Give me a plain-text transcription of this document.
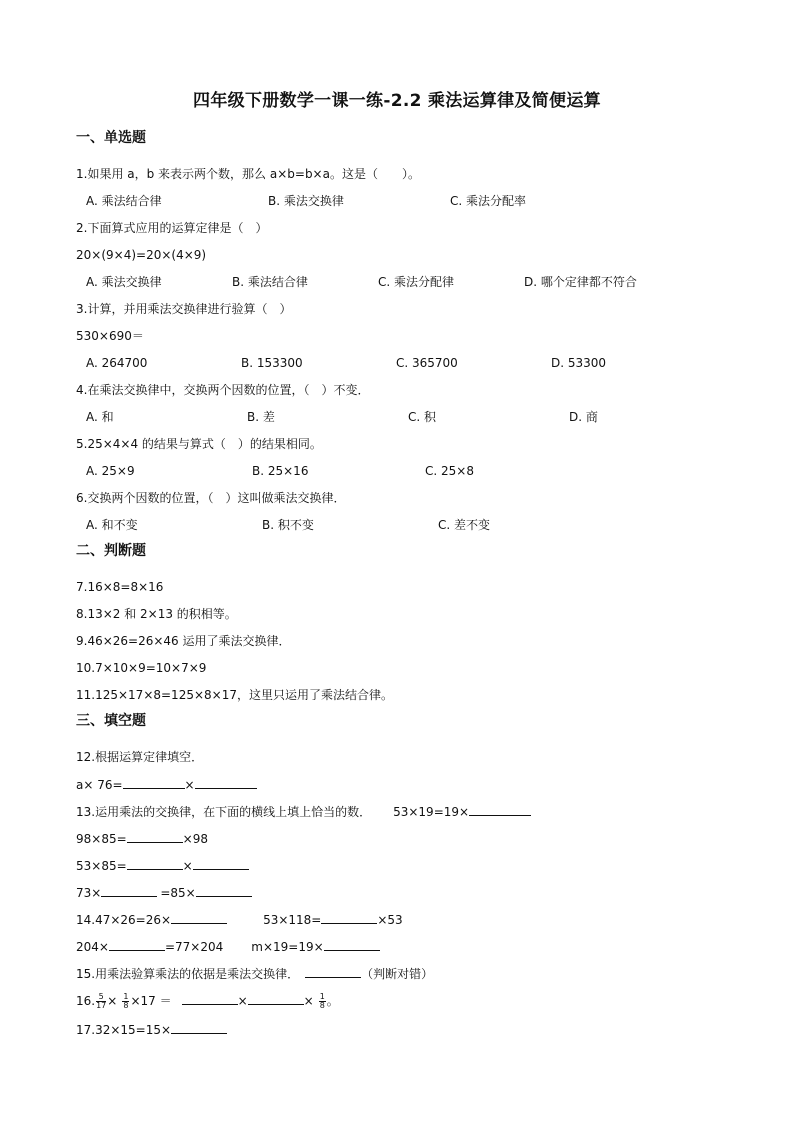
四年级下册数学一课一练-2.2 乘法运算律及简便运算
一、单选题
1.如果用 a，b 来表示两个数，那么 a×b=b×a。这是（　　）。
A. 乘法结合律	B. 乘法交换律	C. 乘法分配率
2.下面算式应用的运算定律是（　）
20×(9×4)=20×(4×9)
A. 乘法交换律	B. 乘法结合律	C. 乘法分配律	D. 哪个定律都不符合
3.计算，并用乘法交换律进行验算（　）
530×690＝
A. 264700	B. 153300	C. 365700	D. 53300
4.在乘法交换律中，交换两个因数的位置，（　）不变．
A. 和	B. 差	C. 积	D. 商
5.25×4×4 的结果与算式（　）的结果相同。
A. 25×9	B. 25×16	C. 25×8
6.交换两个因数的位置，（　）这叫做乘法交换律．
A. 和不变	B. 积不变	C. 差不变
二、判断题
7.16×8=8×16
8.13×2 和 2×13 的积相等。
9.46×26=26×46 运用了乘法交换律．
10.7×10×9=10×7×9
11.125×17×8=125×8×17，这里只运用了乘法结合律。
三、填空题
12.根据运算定律填空．
a× 76=	×
13.运用乘法的交换律，在下面的横线上填上恰当的数． 53×19=19×
98×85=	×98
53×85=	×
73×	=85×
14.47×26=26×	53×118=	×53
204×	=77×204 m×19=19×
15.用乘法验算乘法的依据是乘法交换律．	（判断对错）
16. $\frac{5}{17} \times \frac{1}{8} \times 17$ ＝	×	× $\frac{1}{8}$ 。
17.32×15=15×
